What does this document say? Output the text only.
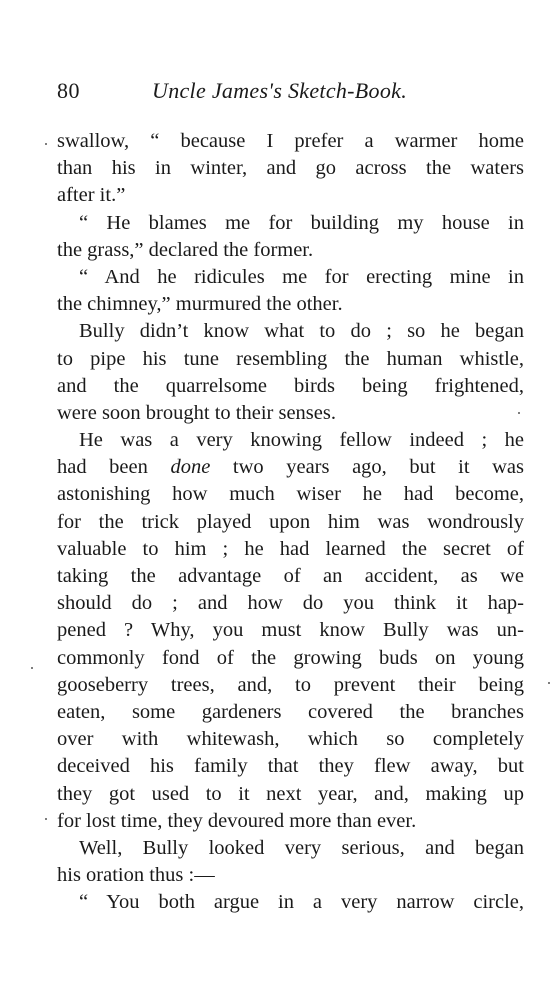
80	Uncle James's Sketch-Book.
swallow, “ because I prefer a warmer home
than his in winter, and go across the waters
after it.”
“ He blames me for building my house in
the grass,” declared the former.
“ And he ridicules me for erecting mine in
the chimney,” murmured the other.
Bully didn’t know what to do ; so he began
to pipe his tune resembling the human whistle,
and the quarrelsome birds being frightened,
were soon brought to their senses.
He was a very knowing fellow indeed ; he
had been done two years ago, but it was
astonishing how much wiser he had become,
for the trick played upon him was wondrously
valuable to him ; he had learned the secret of
taking the advantage of an accident, as we
should do ; and how do you think it hap-
pened ? Why, you must know Bully was un-
commonly fond of the growing buds on young
gooseberry trees, and, to prevent their being
eaten, some gardeners covered the branches
over with whitewash, which so completely
deceived his family that they flew away, but
they got used to it next year, and, making up
for lost time, they devoured more than ever.
Well, Bully looked very serious, and began
his oration thus :—
“ You both argue in a very narrow circle,
